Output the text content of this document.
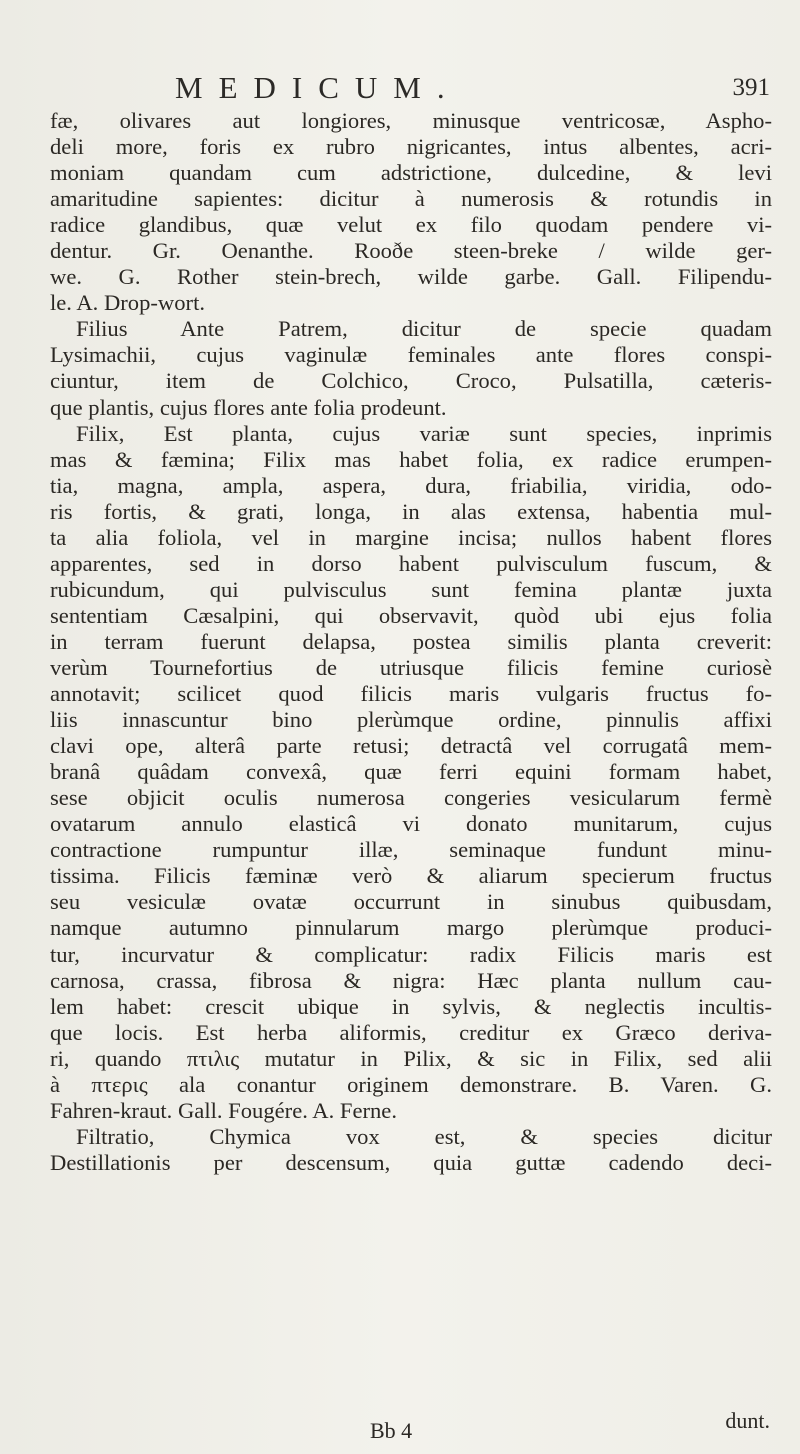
MEDICUM.	391
fæ, olivares aut longiores, minusque ventricosæ, Aspho-
deli more, foris ex rubro nigricantes, intus albentes, acri-
moniam quandam cum adstrictione, dulcedine, & levi
amaritudine sapientes: dicitur à numerosis & rotundis in
radice glandibus, quæ velut ex filo quodam pendere vi-
dentur. Gr. Oenanthe. Rooðe steen-breke / wilde ger-
we. G. Rother stein-brech, wilde garbe. Gall. Filipendu-
le. A. Drop-wort.
Filius Ante Patrem, dicitur de specie quadam
Lysimachii, cujus vaginulæ feminales ante flores conspi-
ciuntur, item de Colchico, Croco, Pulsatilla, cæteris-
que plantis, cujus flores ante folia prodeunt.
Filix, Est planta, cujus variæ sunt species, inprimis
mas & fæmina; Filix mas habet folia, ex radice erumpen-
tia, magna, ampla, aspera, dura, friabilia, viridia, odo-
ris fortis, & grati, longa, in alas extensa, habentia mul-
ta alia foliola, vel in margine incisa; nullos habent flores
apparentes, sed in dorso habent pulvisculum fuscum, &
rubicundum, qui pulvisculus sunt femina plantæ juxta
sententiam Cæsalpini, qui observavit, quòd ubi ejus folia
in terram fuerunt delapsa, postea similis planta creverit:
verùm Tournefortius de utriusque filicis femine curiosè
annotavit; scilicet quod filicis maris vulgaris fructus fo-
liis innascuntur bino plerùmque ordine, pinnulis affixi
clavi ope, alterâ parte retusi; detractâ vel corrugatâ mem-
branâ quâdam convexâ, quæ ferri equini formam habet,
sese objicit oculis numerosa congeries vesicularum fermè
ovatarum annulo elasticâ vi donato munitarum, cujus
contractione rumpuntur illæ, seminaque fundunt minu-
tissima. Filicis fæminæ verò & aliarum specierum fructus
seu vesiculæ ovatæ occurrunt in sinubus quibusdam,
namque autumno pinnularum margo plerùmque produci-
tur, incurvatur & complicatur: radix Filicis maris est
carnosa, crassa, fibrosa & nigra: Hæc planta nullum cau-
lem habet: crescit ubique in sylvis, & neglectis incultis-
que locis. Est herba aliformis, creditur ex Græco deriva-
ri, quando πτιλις mutatur in Pilix, & sic in Filix, sed alii
à πτερις ala conantur originem demonstrare. B. Varen. G.
Fahren-kraut. Gall. Fougére. A. Ferne.
Filtratio, Chymica vox est, & species dicitur
Destillationis per descensum, quia guttæ cadendo deci-
Bb 4	dunt.
